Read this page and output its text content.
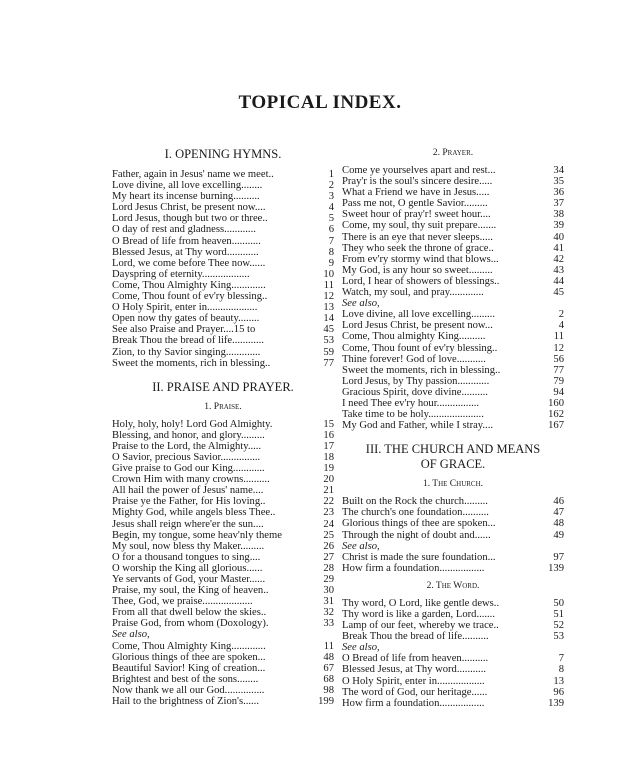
TOPICAL INDEX.
I. OPENING HYMNS.
Father, again in Jesus' name we meet..	1
Love divine, all love excelling........	2
My heart its incense burning..........	3
Lord Jesus Christ, be present now....	4
Lord Jesus, though but two or three..	5
O day of rest and gladness............	6
O Bread of life from heaven...........	7
Blessed Jesus, at Thy word............	8
Lord, we come before Thee now......	9
Dayspring of eternity..................	10
Come, Thou Almighty King.............	11
Come, Thou fount of ev'ry blessing..	12
O Holy Spirit, enter in...................	13
Open now thy gates of beauty........	14
See also Praise and Prayer....15 to	45
Break Thou the bread of life............	53
Zion, to thy Savior singing.............	59
Sweet the moments, rich in blessing..	77
II. PRAISE AND PRAYER.
1. Praise.
Holy, holy, holy! Lord God Almighty.	15
Blessing, and honor, and glory.........	16
Praise to the Lord, the Almighty.....	17
O Savior, precious Savior...............	18
Give praise to God our King............	19
Crown Him with many crowns..........	20
All hail the power of Jesus' name....	21
Praise ye the Father, for His loving..	22
Mighty God, while angels bless Thee..	23
Jesus shall reign where'er the sun....	24
Begin, my tongue, some heav'nly theme	25
My soul, now bless thy Maker.........	26
O for a thousand tongues to sing....	27
O worship the King all glorious......	28
Ye servants of God, your Master......	29
Praise, my soul, the King of heaven..	30
Thee, God, we praise...................	31
From all that dwell below the skies..	32
Praise God, from whom (Doxology).	33
See also,
Come, Thou Almighty King.............	11
Glorious things of thee are spoken...	48
Beautiful Savior! King of creation...	67
Brightest and best of the sons........	68
Now thank we all our God...............	98
Hail to the brightness of Zion's......	199
2. Prayer.
Come ye yourselves apart and rest...	34
Pray'r is the soul's sincere desire.....	35
What a Friend we have in Jesus.....	36
Pass me not, O gentle Savior.........	37
Sweet hour of pray'r! sweet hour....	38
Come, my soul, thy suit prepare.......	39
There is an eye that never sleeps.....	40
They who seek the throne of grace..	41
From ev'ry stormy wind that blows...	42
My God, is any hour so sweet.........	43
Lord, I hear of showers of blessings..	44
Watch, my soul, and pray.............	45
See also,
Love divine, all love excelling.........	2
Lord Jesus Christ, be present now...	4
Come, Thou almighty King..........	11
Come, Thou fount of ev'ry blessing..	12
Thine forever! God of love...........	56
Sweet the moments, rich in blessing..	77
Lord Jesus, by Thy passion............	79
Gracious Spirit, dove divine..........	94
I need Thee ev'ry hour................	160
Take time to be holy.....................	162
My God and Father, while I stray....	167
III. THE CHURCH AND MEANS
OF GRACE.
1. The Church.
Built on the Rock the church.........	46
The church's one foundation..........	47
Glorious things of thee are spoken...	48
Through the night of doubt and......	49
See also,
Christ is made the sure foundation...	97
How firm a foundation.................	139
2. The Word.
Thy word, O Lord, like gentle dews..	50
Thy word is like a garden, Lord.......	51
Lamp of our feet, whereby we trace..	52
Break Thou the bread of life..........	53
See also,
O Bread of life from heaven..........	7
Blessed Jesus, at Thy word...........	8
O Holy Spirit, enter in..................	13
The word of God, our heritage......	96
How firm a foundation.................	139
